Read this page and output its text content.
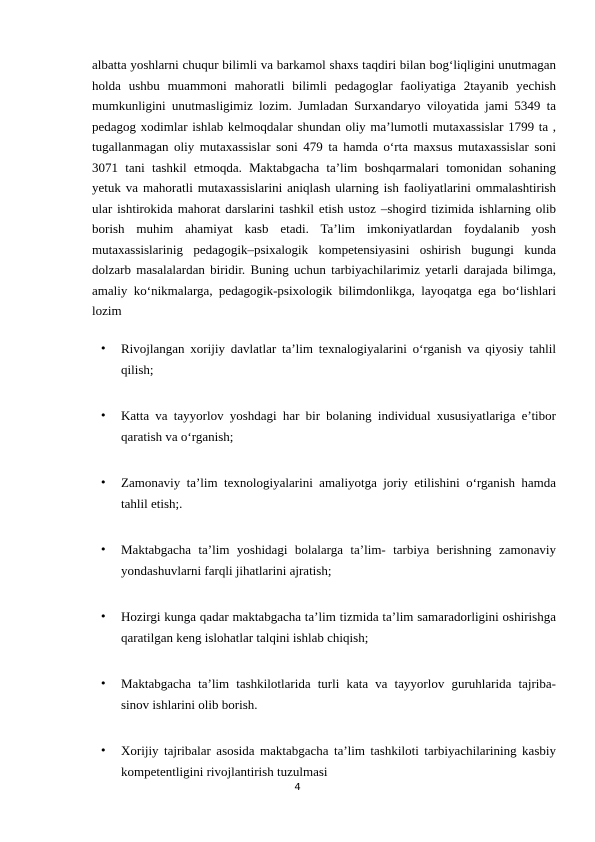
albatta yoshlarni chuqur bilimli va barkamol shaxs taqdiri bilan bog‘liqligini unutmagan holda ushbu muammoni mahoratli bilimli pedagoglar faoliyatiga 2tayanib yechish mumkunligini unutmasligimiz lozim. Jumladan Surxandaryo viloyatida jami 5349 ta pedagog xodimlar ishlab kelmoqdalar shundan oliy ma’lumotli mutaxassislar 1799 ta , tugallanmagan oliy mutaxassislar soni 479 ta hamda o‘rta maxsus mutaxassislar soni 3071 tani tashkil etmoqda. Maktabgacha ta’lim boshqarmalari tomonidan sohaning yetuk va mahoratli mutaxassislarini aniqlash ularning ish faoliyatlarini ommalashtirish ular ishtirokida mahorat darslarini tashkil etish ustoz –shogird tizimida ishlarning olib borish muhim ahamiyat kasb etadi. Ta’lim imkoniyatlardan foydalanib yosh mutaxassislarinig pedagogik–psixalogik kompetensiyasini oshirish bugungi kunda dolzarb masalalardan biridir. Buning uchun tarbiyachilarimiz yetarli darajada bilimga, amaliy ko‘nikmalarga, pedagogik-psixologik bilimdonlikga, layoqatga ega bo‘lishlari lozim

• Rivojlangan xorijiy davlatlar ta’lim texnalogiyalarini o‘rganish va qiyosiy tahlil qilish;
• Katta va tayyorlov yoshdagi har bir bolaning individual xususiyatlariga e’tibor qaratish va o‘rganish;
• Zamonaviy ta’lim texnologiyalarini amaliyotga joriy etilishini o‘rganish hamda tahlil etish;.
• Maktabgacha ta’lim yoshidagi bolalarga ta’lim- tarbiya berishning zamonaviy yondashuvlarni farqli jihatlarini ajratish;
• Hozirgi kunga qadar maktabgacha ta’lim tizmida ta’lim samaradorligini oshirishga qaratilgan keng islohatlar talqini ishlab chiqish;
• Maktabgacha ta’lim tashkilotlarida turli kata va tayyorlov guruhlarida tajriba- sinov ishlarini olib borish.
• Xorijiy tajribalar asosida maktabgacha ta’lim tashkiloti tarbiyachilarining kasbiy kompetentligini rivojlantirish tuzulmasi
4
